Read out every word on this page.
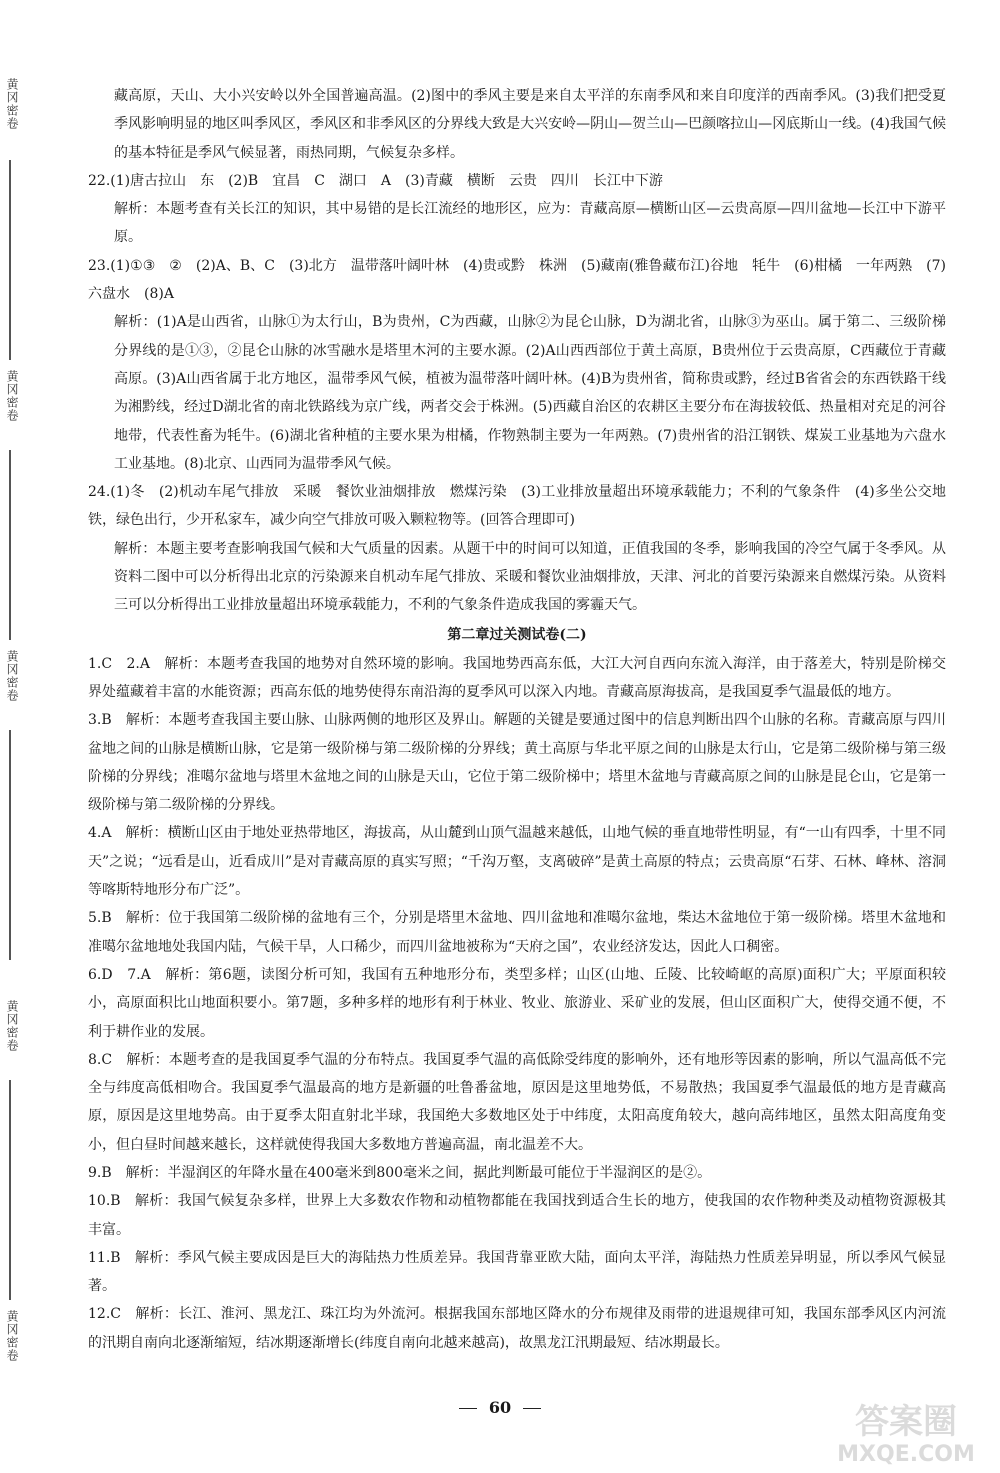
黄冈密卷
黄冈密卷
黄冈密卷
黄冈密卷
黄冈密卷

藏高原，天山、大小兴安岭以外全国普遍高温。(2)图中的季风主要是来自太平洋的东南季风和来自印度洋的西南季风。(3)我们把受夏季风影响明显的地区叫季风区，季风区和非季风区的分界线大致是大兴安岭—阴山—贺兰山—巴颜喀拉山—冈底斯山一线。(4)我国气候的基本特征是季风气候显著，雨热同期，气候复杂多样。

22.(1)唐古拉山　东　(2)B　宜昌　C　湖口　A　(3)青藏　横断　云贵　四川　长江中下游

解析：本题考查有关长江的知识，其中易错的是长江流经的地形区，应为：青藏高原—横断山区—云贵高原—四川盆地—长江中下游平原。

23.(1)①③　②　(2)A、B、C　(3)北方　温带落叶阔叶林　(4)贵或黔　株洲　(5)藏南(雅鲁藏布江)谷地　牦牛　(6)柑橘　一年两熟　(7)六盘水　(8)A

解析：(1)A是山西省，山脉①为太行山，B为贵州，C为西藏，山脉②为昆仑山脉，D为湖北省，山脉③为巫山。属于第二、三级阶梯分界线的是①③，②昆仑山脉的冰雪融水是塔里木河的主要水源。(2)A山西西部位于黄土高原，B贵州位于云贵高原，C西藏位于青藏高原。(3)A山西省属于北方地区，温带季风气候，植被为温带落叶阔叶林。(4)B为贵州省，简称贵或黔，经过B省省会的东西铁路干线为湘黔线，经过D湖北省的南北铁路线为京广线，两者交会于株洲。(5)西藏自治区的农耕区主要分布在海拔较低、热量相对充足的河谷地带，代表性畜为牦牛。(6)湖北省种植的主要水果为柑橘，作物熟制主要为一年两熟。(7)贵州省的沿江钢铁、煤炭工业基地为六盘水工业基地。(8)北京、山西同为温带季风气候。

24.(1)冬　(2)机动车尾气排放　采暖　餐饮业油烟排放　燃煤污染　(3)工业排放量超出环境承载能力；不利的气象条件　(4)多坐公交地铁，绿色出行，少开私家车，减少向空气排放可吸入颗粒物等。(回答合理即可)

解析：本题主要考查影响我国气候和大气质量的因素。从题干中的时间可以知道，正值我国的冬季，影响我国的冷空气属于冬季风。从资料二图中可以分析得出北京的污染源来自机动车尾气排放、采暖和餐饮业油烟排放，天津、河北的首要污染源来自燃煤污染。从资料三可以分析得出工业排放量超出环境承载能力，不利的气象条件造成我国的雾霾天气。

第二章过关测试卷(二)

1.C　2.A　解析：本题考查我国的地势对自然环境的影响。我国地势西高东低，大江大河自西向东流入海洋，由于落差大，特别是阶梯交界处蕴藏着丰富的水能资源；西高东低的地势使得东南沿海的夏季风可以深入内地。青藏高原海拔高，是我国夏季气温最低的地方。

3.B　解析：本题考查我国主要山脉、山脉两侧的地形区及界山。解题的关键是要通过图中的信息判断出四个山脉的名称。青藏高原与四川盆地之间的山脉是横断山脉，它是第一级阶梯与第二级阶梯的分界线；黄土高原与华北平原之间的山脉是太行山，它是第二级阶梯与第三级阶梯的分界线；准噶尔盆地与塔里木盆地之间的山脉是天山，它位于第二级阶梯中；塔里木盆地与青藏高原之间的山脉是昆仑山，它是第一级阶梯与第二级阶梯的分界线。

4.A　解析：横断山区由于地处亚热带地区，海拔高，从山麓到山顶气温越来越低，山地气候的垂直地带性明显，有“一山有四季，十里不同天”之说；“远看是山，近看成川”是对青藏高原的真实写照；“千沟万壑，支离破碎”是黄土高原的特点；云贵高原“石芽、石林、峰林、溶洞等喀斯特地形分布广泛”。

5.B　解析：位于我国第二级阶梯的盆地有三个，分别是塔里木盆地、四川盆地和准噶尔盆地，柴达木盆地位于第一级阶梯。塔里木盆地和准噶尔盆地地处我国内陆，气候干旱，人口稀少，而四川盆地被称为“天府之国”，农业经济发达，因此人口稠密。

6.D　7.A　解析：第6题，读图分析可知，我国有五种地形分布，类型多样；山区(山地、丘陵、比较崎岖的高原)面积广大；平原面积较小，高原面积比山地面积要小。第7题，多种多样的地形有利于林业、牧业、旅游业、采矿业的发展，但山区面积广大，使得交通不便，不利于耕作业的发展。

8.C　解析：本题考查的是我国夏季气温的分布特点。我国夏季气温的高低除受纬度的影响外，还有地形等因素的影响，所以气温高低不完全与纬度高低相吻合。我国夏季气温最高的地方是新疆的吐鲁番盆地，原因是这里地势低，不易散热；我国夏季气温最低的地方是青藏高原，原因是这里地势高。由于夏季太阳直射北半球，我国绝大多数地区处于中纬度，太阳高度角较大，越向高纬地区，虽然太阳高度角变小，但白昼时间越来越长，这样就使得我国大多数地方普遍高温，南北温差不大。

9.B　解析：半湿润区的年降水量在400毫米到800毫米之间，据此判断最可能位于半湿润区的是②。

10.B　解析：我国气候复杂多样，世界上大多数农作物和动植物都能在我国找到适合生长的地方，使我国的农作物种类及动植物资源极其丰富。

11.B　解析：季风气候主要成因是巨大的海陆热力性质差异。我国背靠亚欧大陆，面向太平洋，海陆热力性质差异明显，所以季风气候显著。

12.C　解析：长江、淮河、黑龙江、珠江均为外流河。根据我国东部地区降水的分布规律及雨带的进退规律可知，我国东部季风区内河流的汛期自南向北逐渐缩短，结冰期逐渐增长(纬度自南向北越来越高)，故黑龙江汛期最短、结冰期最长。

60	答案圈
MXQE.COM
